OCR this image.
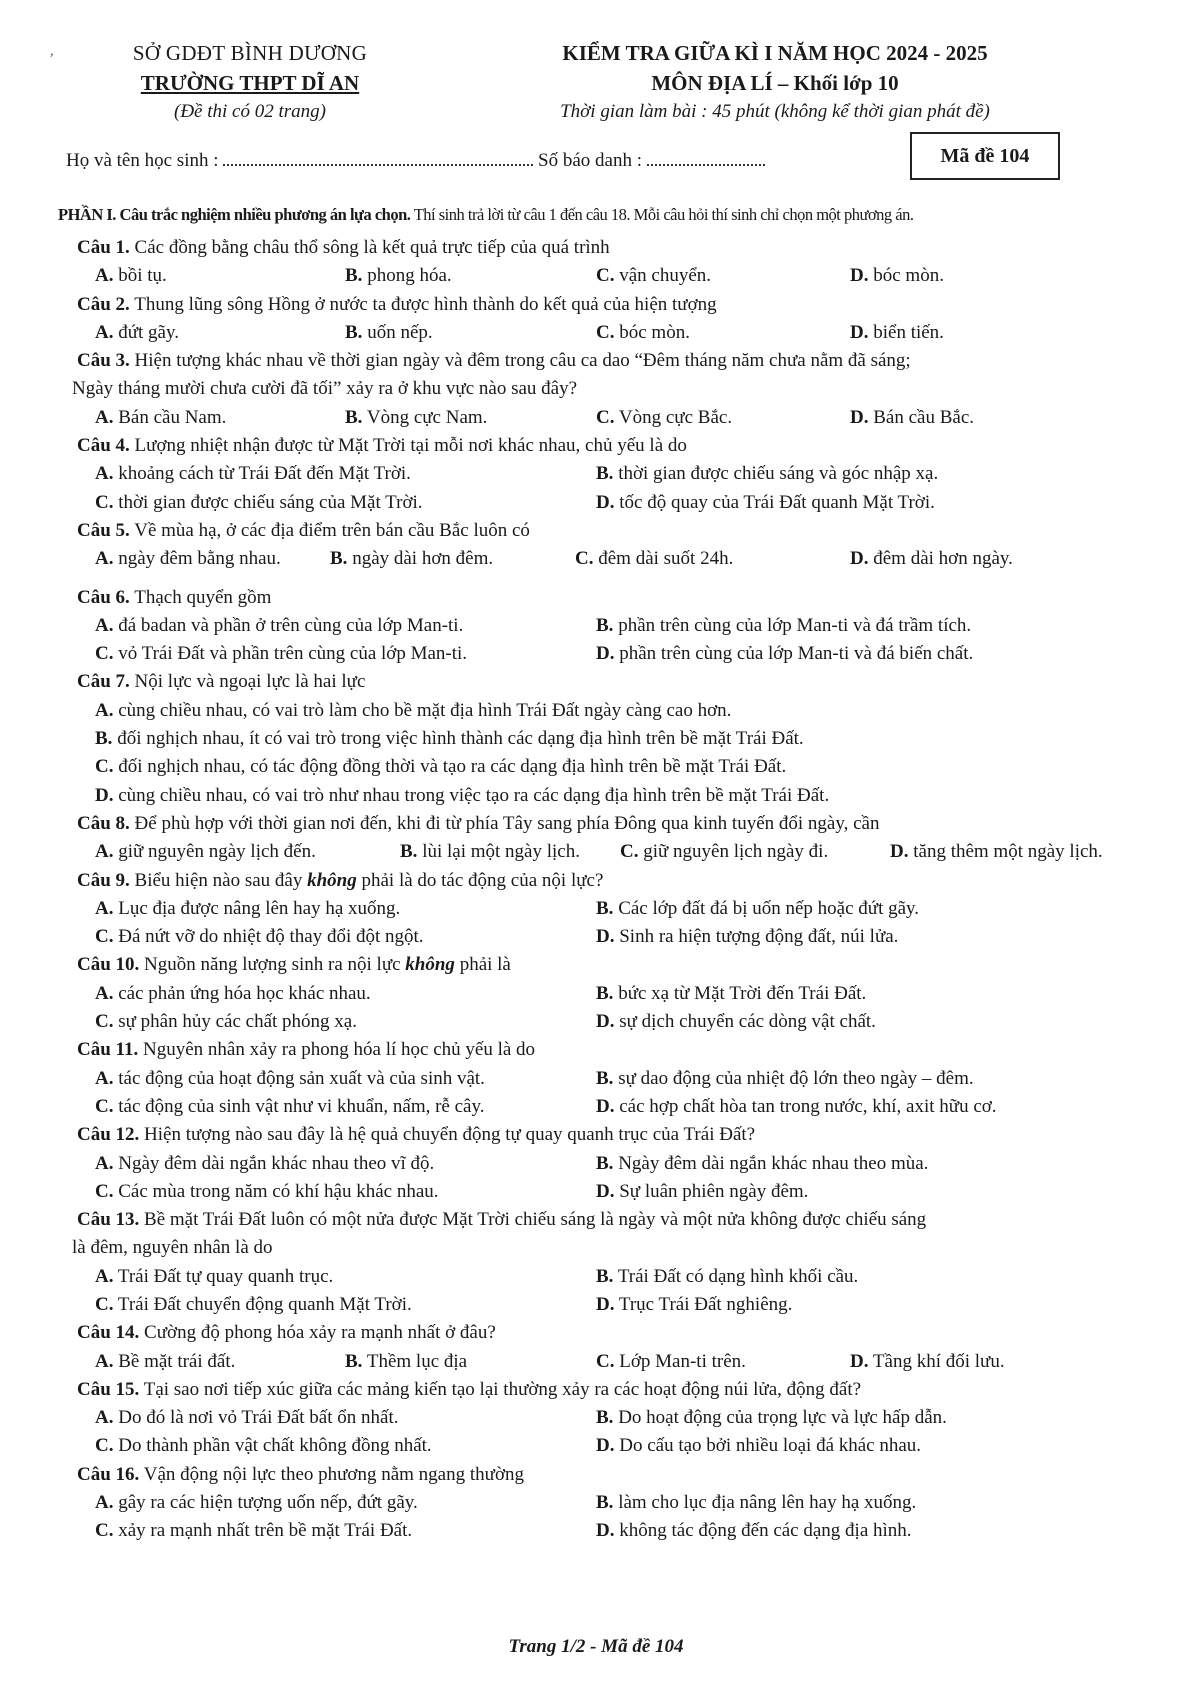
,	SỞ GDĐT BÌNH DƯƠNG
TRƯỜNG THPT DĨ AN
(Đề thi có 02 trang)
KIỂM TRA GIỮA KÌ I NĂM HỌC 2024 - 2025
MÔN ĐỊA LÍ – Khối lớp 10
Thời gian làm bài : 45 phút (không kể thời gian phát đề)
Họ và tên học sinh :	Số báo danh :	Mã đề 104
PHẦN I. Câu trắc nghiệm nhiều phương án lựa chọn. Thí sinh trả lời từ câu 1 đến câu 18. Mỗi câu hỏi thí sinh chỉ chọn một phương án.
Câu 1. Các đồng bằng châu thổ sông là kết quả trực tiếp của quá trình
A. bồi tụ.	B. phong hóa.	C. vận chuyển.	D. bóc mòn.
Câu 2. Thung lũng sông Hồng ở nước ta được hình thành do kết quả của hiện tượng
A. đứt gãy.	B. uốn nếp.	C. bóc mòn.	D. biển tiến.
Câu 3. Hiện tượng khác nhau về thời gian ngày và đêm trong câu ca dao “Đêm tháng năm chưa nằm đã sáng;
Ngày tháng mười chưa cười đã tối” xảy ra ở khu vực nào sau đây?
A. Bán cầu Nam.	B. Vòng cực Nam.	C. Vòng cực Bắc.	D. Bán cầu Bắc.
Câu 4. Lượng nhiệt nhận được từ Mặt Trời tại mỗi nơi khác nhau, chủ yếu là do
A. khoảng cách từ Trái Đất đến Mặt Trời.	B. thời gian được chiếu sáng và góc nhập xạ.
C. thời gian được chiếu sáng của Mặt Trời.	D. tốc độ quay của Trái Đất quanh Mặt Trời.
Câu 5. Về mùa hạ, ở các địa điểm trên bán cầu Bắc luôn có
A. ngày đêm bằng nhau.	B. ngày dài hơn đêm.	C. đêm dài suốt 24h.	D. đêm dài hơn ngày.
Câu 6. Thạch quyển gồm
A. đá badan và phần ở trên cùng của lớp Man-ti.	B. phần trên cùng của lớp Man-ti và đá trầm tích.
C. vỏ Trái Đất và phần trên cùng của lớp Man-ti.	D. phần trên cùng của lớp Man-ti và đá biến chất.
Câu 7. Nội lực và ngoại lực là hai lực
A. cùng chiều nhau, có vai trò làm cho bề mặt địa hình Trái Đất ngày càng cao hơn.
B. đối nghịch nhau, ít có vai trò trong việc hình thành các dạng địa hình trên bề mặt Trái Đất.
C. đối nghịch nhau, có tác động đồng thời và tạo ra các dạng địa hình trên bề mặt Trái Đất.
D. cùng chiều nhau, có vai trò như nhau trong việc tạo ra các dạng địa hình trên bề mặt Trái Đất.
Câu 8. Để phù hợp với thời gian nơi đến, khi đi từ phía Tây sang phía Đông qua kinh tuyến đổi ngày, cần
A. giữ nguyên ngày lịch đến.	B. lùi lại một ngày lịch. C. giữ nguyên lịch ngày đi.	D. tăng thêm một ngày lịch.
Câu 9. Biểu hiện nào sau đây không phải là do tác động của nội lực?
A. Lục địa được nâng lên hay hạ xuống.	B. Các lớp đất đá bị uốn nếp hoặc đứt gãy.
C. Đá nứt vỡ do nhiệt độ thay đổi đột ngột.	D. Sinh ra hiện tượng động đất, núi lửa.
Câu 10. Nguồn năng lượng sinh ra nội lực không phải là
A. các phản ứng hóa học khác nhau.	B. bức xạ từ Mặt Trời đến Trái Đất.
C. sự phân hủy các chất phóng xạ.	D. sự dịch chuyển các dòng vật chất.
Câu 11. Nguyên nhân xảy ra phong hóa lí học chủ yếu là do
A. tác động của hoạt động sản xuất và của sinh vật.	B. sự dao động của nhiệt độ lớn theo ngày – đêm.
C. tác động của sinh vật như vi khuẩn, nấm, rễ cây.	D. các hợp chất hòa tan trong nước, khí, axit hữu cơ.
Câu 12. Hiện tượng nào sau đây là hệ quả chuyển động tự quay quanh trục của Trái Đất?
A. Ngày đêm dài ngắn khác nhau theo vĩ độ.	B. Ngày đêm dài ngắn khác nhau theo mùa.
C. Các mùa trong năm có khí hậu khác nhau.	D. Sự luân phiên ngày đêm.
Câu 13. Bề mặt Trái Đất luôn có một nửa được Mặt Trời chiếu sáng là ngày và một nửa không được chiếu sáng
là đêm, nguyên nhân là do
A. Trái Đất tự quay quanh trục.	B. Trái Đất có dạng hình khối cầu.
C. Trái Đất chuyển động quanh Mặt Trời.	D. Trục Trái Đất nghiêng.
Câu 14. Cường độ phong hóa xảy ra mạnh nhất ở đâu?
A. Bề mặt trái đất.	B. Thềm lục địa	C. Lớp Man-ti trên.	D. Tầng khí đối lưu.
Câu 15. Tại sao nơi tiếp xúc giữa các mảng kiến tạo lại thường xảy ra các hoạt động núi lửa, động đất?
A. Do đó là nơi vỏ Trái Đất bất ổn nhất.	B. Do hoạt động của trọng lực và lực hấp dẫn.
C. Do thành phần vật chất không đồng nhất.	D. Do cấu tạo bởi nhiều loại đá khác nhau.
Câu 16. Vận động nội lực theo phương nằm ngang thường
A. gây ra các hiện tượng uốn nếp, đứt gãy.	B. làm cho lục địa nâng lên hay hạ xuống.
C. xảy ra mạnh nhất trên bề mặt Trái Đất.	D. không tác động đến các dạng địa hình.
Trang 1/2 - Mã đề 104
